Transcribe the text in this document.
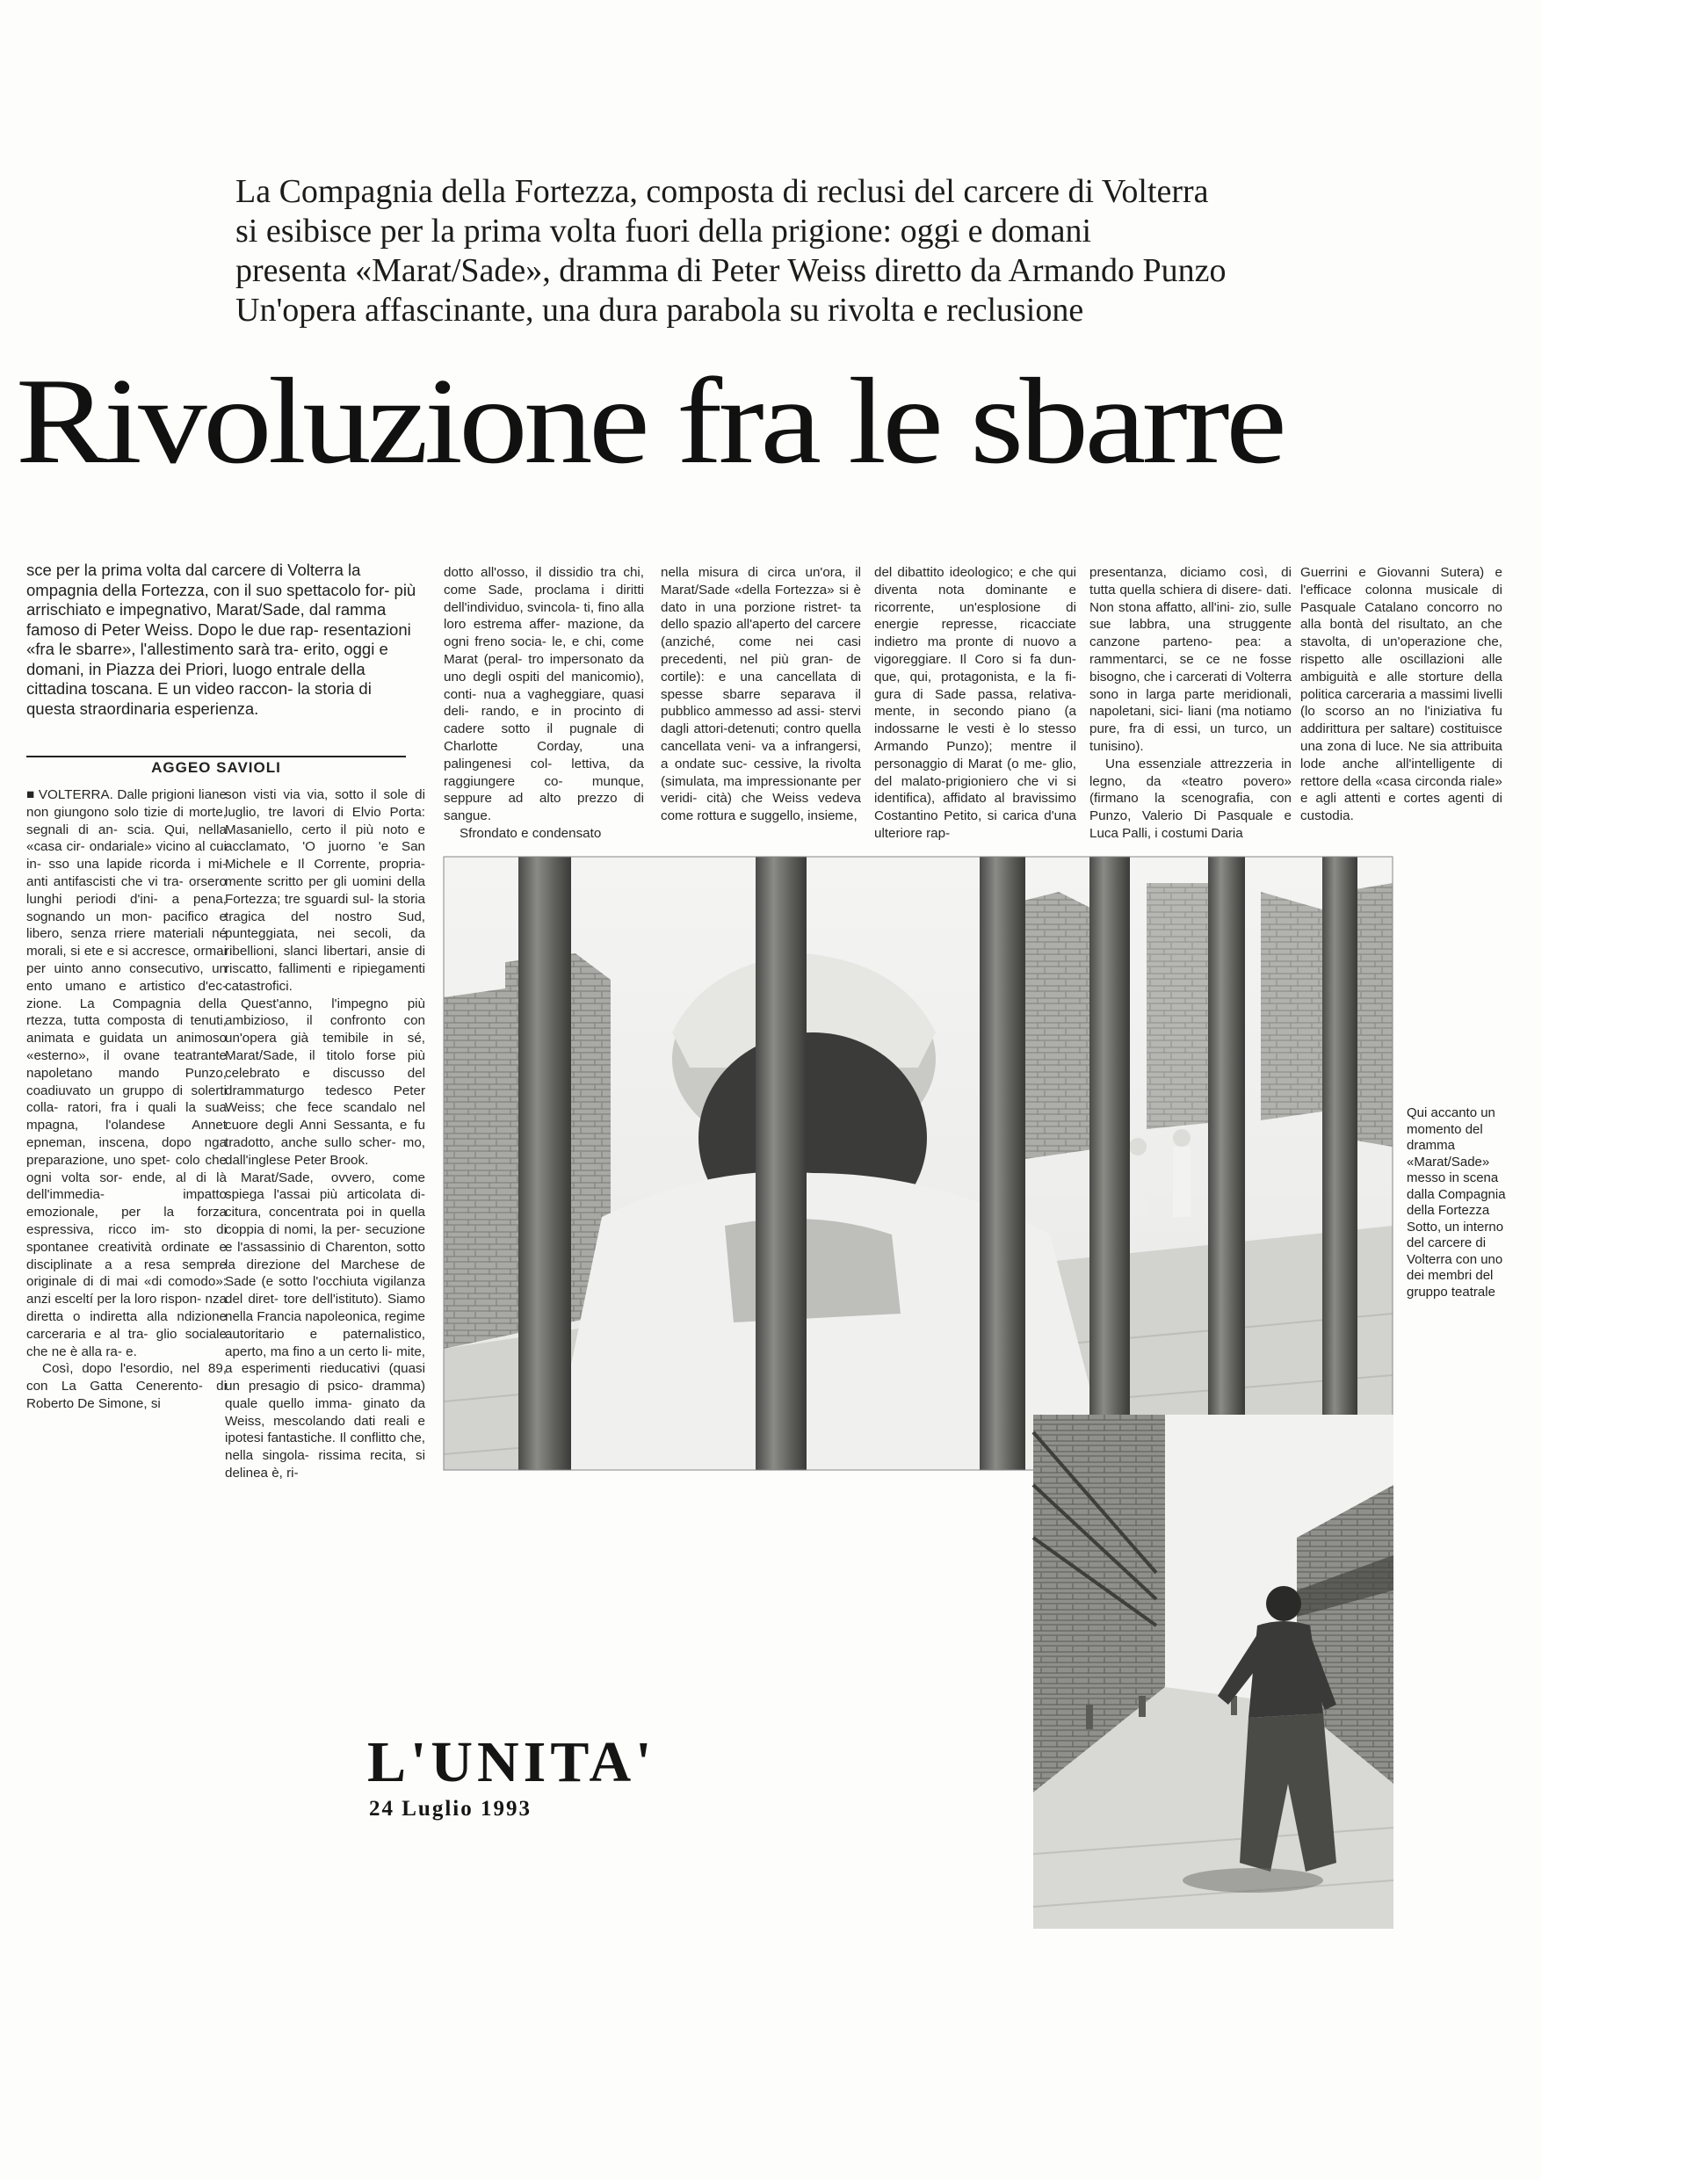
La Compagnia della Fortezza, composta di reclusi del carcere di Volterra
si esibisce per la prima volta fuori della prigione: oggi e domani
presenta «Marat/Sade», dramma di Peter Weiss diretto da Armando Punzo
Un'opera affascinante, una dura parabola su rivolta e reclusione
Rivoluzione fra le sbarre

sce per la prima volta dal carcere di Volterra la ompagnia della Fortezza, con il suo spettacolo for- più arrischiato e impegnativo, Marat/Sade, dal ramma famoso di Peter Weiss. Dopo le due rap- resentazioni «fra le sbarre», l'allestimento sarà tra- erito, oggi e domani, in Piazza dei Priori, luogo entrale della cittadina toscana. E un video raccon- la storia di questa straordinaria esperienza.

AGGEO SAVIOLI

■ VOLTERRA. Dalle prigioni liane non giungono solo tizie di morte, segnali di an- scia. Qui, nella «casa cir- ondariale» vicino al cui in- sso una lapide ricorda i mi- anti antifascisti che vi tra- orsero lunghi periodi d'ini- a pena, sognando un mon- pacifico e libero, senza rriere materiali né morali, si ete e si accresce, ormai per uinto anno consecutivo, un ento umano e artistico d'ec- zione. La Compagnia della rtezza, tutta composta di tenuti, animata e guidata un animoso «esterno», il ovane teatrante napoletano mando Punzo, coadiuvato un gruppo di solerti colla- ratori, fra i quali la sua mpagna, l'olandese Annet epneman, inscena, dopo nga preparazione, uno spet- colo che ogni volta sor- ende, al di là dell'immedia- impatto emozionale, per la forza espressiva, ricco im- sto di spontanee creatività ordinate e disciplinate a a resa sempre originale di di mai «di comodo»: anzi esceltí per la loro rispon- nza diretta o indiretta alla ndizione carceraria e al tra- glio sociale che ne è alla ra- e.

Così, dopo l'esordio, nel 89, con La Gatta Cenerento- di Roberto De Simone, si

son visti via via, sotto il sole di luglio, tre lavori di Elvio Porta: Masaniello, certo il più noto e acclamato, 'O juorno 'e San Michele e Il Corrente, propria- mente scritto per gli uomini della Fortezza; tre sguardi sul- la storia tragica del nostro Sud, punteggiata, nei secoli, da ribellioni, slanci libertari, ansie di riscatto, fallimenti e ripiegamenti catastrofici.

Quest'anno, l'impegno più ambizioso, il confronto con un'opera già temibile in sé, Marat/Sade, il titolo forse più celebrato e discusso del drammaturgo tedesco Peter Weiss; che fece scandalo nel cuore degli Anni Sessanta, e fu tradotto, anche sullo scher- mo, dall'inglese Peter Brook.

Marat/Sade, ovvero, come spiega l'assai più articolata di- citura, concentrata poi in quella coppia di nomi, la per- secuzione e l'assassinio di Charenton, sotto la direzione del Marchese de Sade (e sotto l'occhiuta vigilanza del diret- tore dell'istituto). Siamo nella Francia napoleonica, regime autoritario e paternalistico, aperto, ma fino a un certo li- mite, a esperimenti rieducativi (quasi un presagio di psico- dramma) quale quello imma- ginato da Weiss, mescolando dati reali e ipotesi fantastiche. Il conflitto che, nella singola- rissima recita, si delinea è, ri-

dotto all'osso, il dissidio tra chi, come Sade, proclama i diritti dell'individuo, svincola- ti, fino alla loro estrema affer- mazione, da ogni freno socia- le, e chi, come Marat (peral- tro impersonato da uno degli ospiti del manicomio), conti- nua a vagheggiare, quasi deli- rando, e in procinto di cadere sotto il pugnale di Charlotte Corday, una palingenesi col- lettiva, da raggiungere co- munque, seppure ad alto prezzo di sangue.

Sfrondato e condensato

nella misura di circa un'ora, il Marat/Sade «della Fortezza» si è dato in una porzione ristret- ta dello spazio all'aperto del carcere (anziché, come nei casi precedenti, nel più gran- de cortile): e una cancellata di spesse sbarre separava il pubblico ammesso ad assi- stervi dagli attori-detenuti; contro quella cancellata veni- va a infrangersi, a ondate suc- cessive, la rivolta (simulata, ma impressionante per veridi- cità) che Weiss vedeva come rottura e suggello, insieme,

del dibattito ideologico; e che qui diventa nota dominante e ricorrente, un'esplosione di energie represse, ricacciate indietro ma pronte di nuovo a vigoreggiare. Il Coro si fa dun- que, qui, protagonista, e la fi- gura di Sade passa, relativa- mente, in secondo piano (a indossarne le vesti è lo stesso Armando Punzo); mentre il personaggio di Marat (o me- glio, del malato-prigioniero che vi si identifica), affidato al bravissimo Costantino Petito, si carica d'una ulteriore rap-

presentanza, diciamo così, di tutta quella schiera di disere- dati. Non stona affatto, all'ini- zio, sulle sue labbra, una struggente canzone parteno- pea: a rammentarci, se ce ne fosse bisogno, che i carcerati di Volterra sono in larga parte meridionali, napoletani, sici- liani (ma notiamo pure, fra di essi, un turco, un tunisino).

Una essenziale attrezzeria in legno, da «teatro povero» (firmano la scenografia, con Punzo, Valerio Di Pasquale e Luca Palli, i costumi Daria

Guerrini e Giovanni Sutera) e l'efficace colonna musicale di Pasquale Catalano concorro no alla bontà del risultato, an che stavolta, di un'operazione che, rispetto alle oscillazioni alle ambiguità e alle storture della politica carceraria a massimi livelli (lo scorso an no l'iniziativa fu addirittura per saltare) costituisce una zona di luce. Ne sia attribuita lode anche all'intelligente di rettore della «casa circonda riale» e agli attenti e cortes agenti di custodia.

Qui accanto un momento del dramma «Marat/Sade» messo in scena dalla Compagnia della Fortezza Sotto, un interno del carcere di Volterra con uno dei membri del gruppo teatrale
L'UNITA'
24 Luglio 1993
